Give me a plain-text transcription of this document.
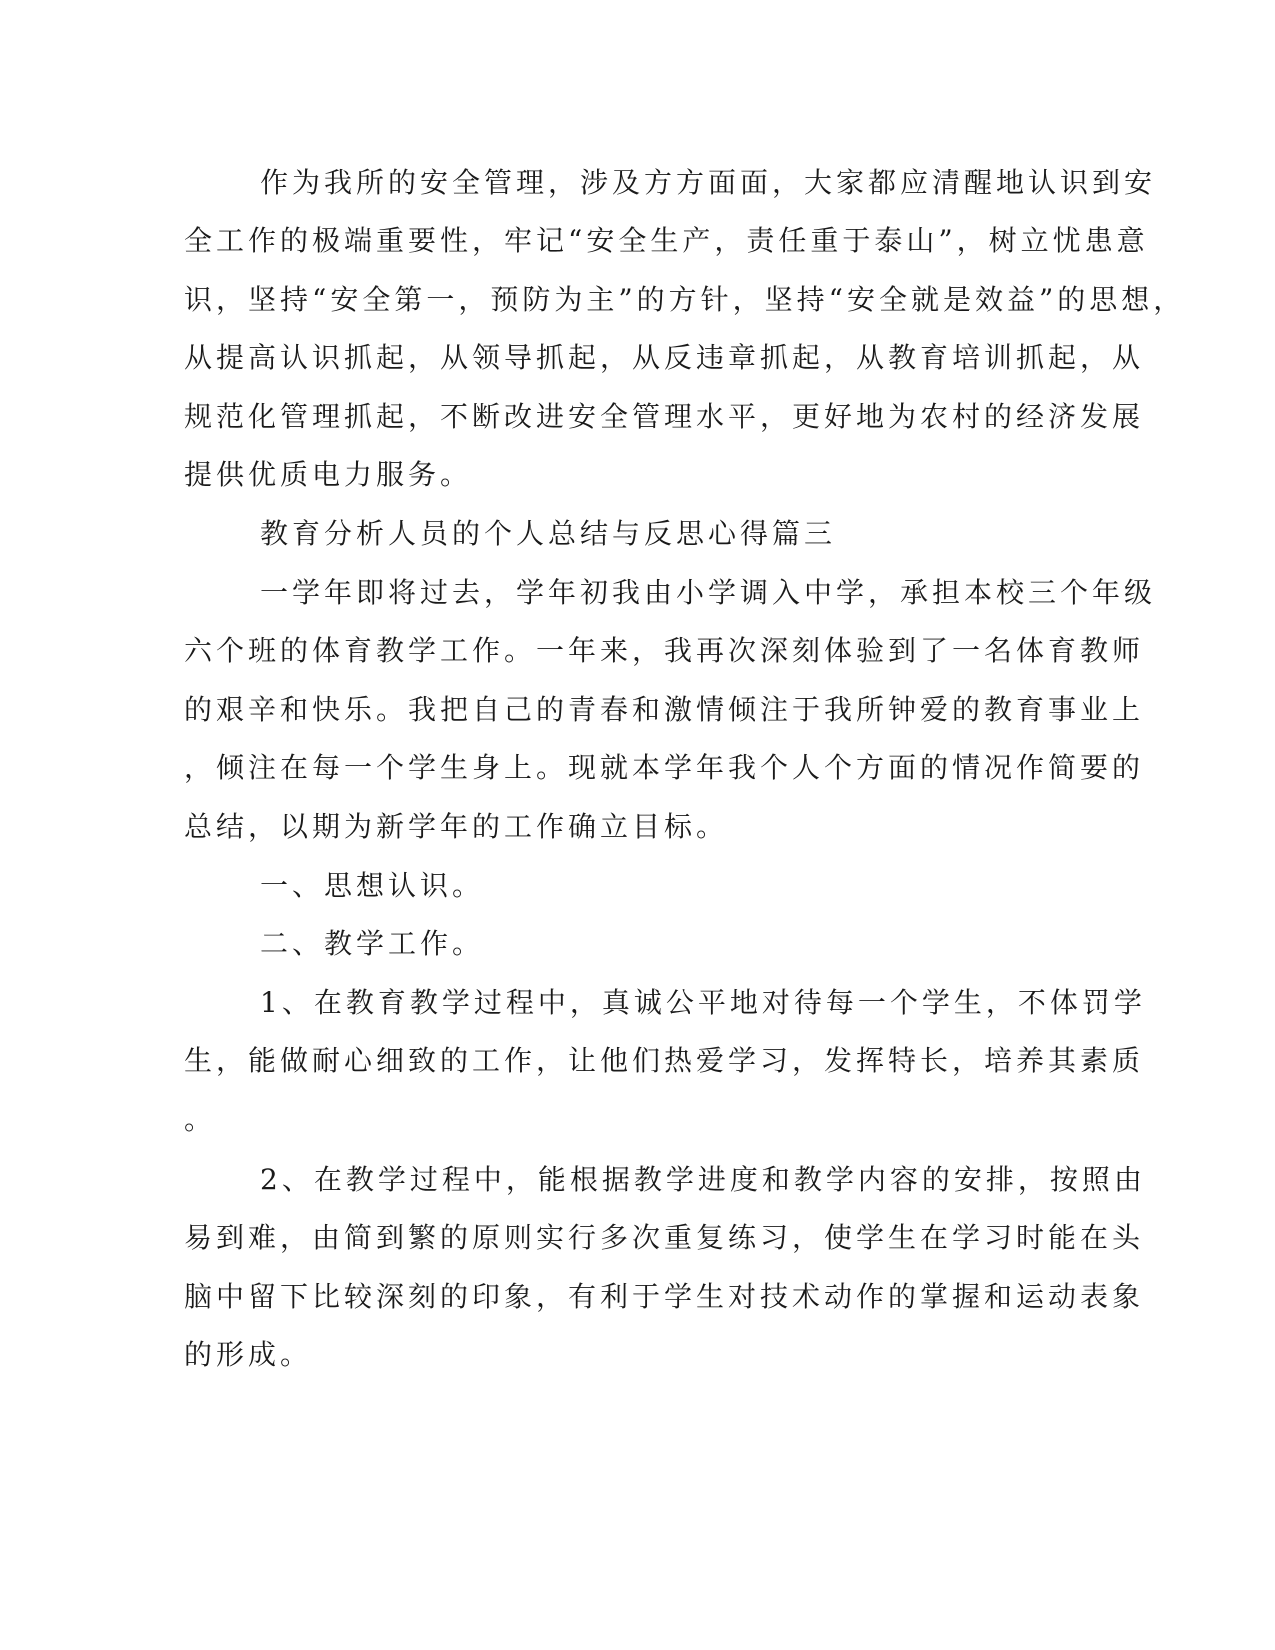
作为我所的安全管理，涉及方方面面，大家都应清醒地认识到安
全工作的极端重要性，牢记“安全生产，责任重于泰山”，树立忧患意
识，坚持“安全第一，预防为主”的方针，坚持“安全就是效益”的思想，
从提高认识抓起，从领导抓起，从反违章抓起，从教育培训抓起，从
规范化管理抓起，不断改进安全管理水平，更好地为农村的经济发展
提供优质电力服务。
教育分析人员的个人总结与反思心得篇三
一学年即将过去，学年初我由小学调入中学，承担本校三个年级
六个班的体育教学工作。一年来，我再次深刻体验到了一名体育教师
的艰辛和快乐。我把自己的青春和激情倾注于我所钟爱的教育事业上
，倾注在每一个学生身上。现就本学年我个人个方面的情况作简要的
总结，以期为新学年的工作确立目标。
一、思想认识。
二、教学工作。
1、在教育教学过程中，真诚公平地对待每一个学生，不体罚学
生，能做耐心细致的工作，让他们热爱学习，发挥特长，培养其素质
。
2、在教学过程中，能根据教学进度和教学内容的安排，按照由
易到难，由简到繁的原则实行多次重复练习，使学生在学习时能在头
脑中留下比较深刻的印象，有利于学生对技术动作的掌握和运动表象
的形成。
